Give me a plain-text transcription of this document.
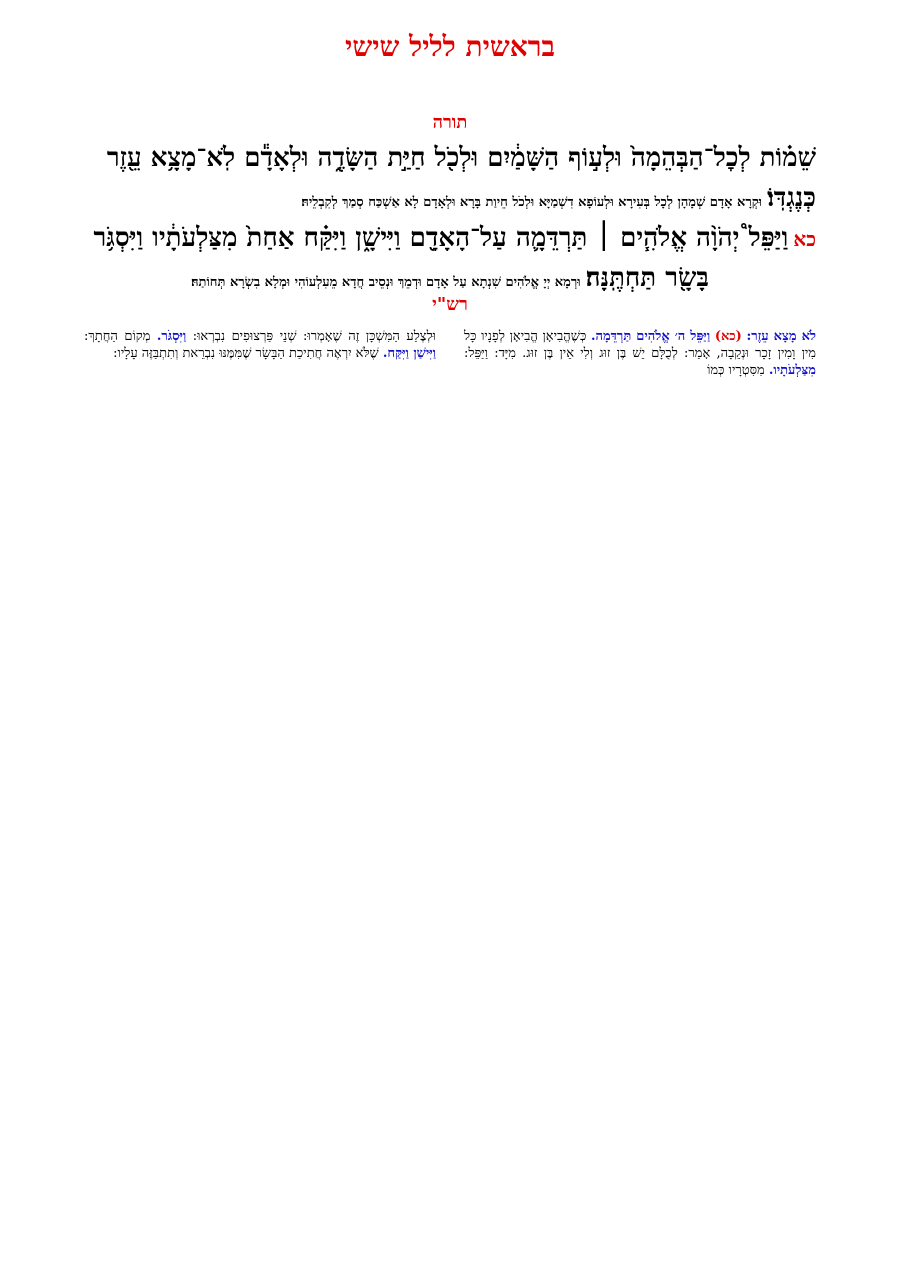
בראשית לליל שישי
תורה
שֵׁמ֗וֹת לְכׇל־הַבְּהֵמָה֙ וּלְע֣וֹף הַשָּׁמַ֔יִם וּלְכֹ֖ל חַיַּ֣ת הַשָּׂדֶ֑ה וּלְאָדָ֕ם לֹֽא־מָצָ֥א עֵ֖זֶר
כְּנֶגְדּֽוֹ׃ וּקְרָא אָדָם שְׁמָהָן לְכָל בְּעִירָא וּלְעוֹפָא דִשְׁמַיָּא וּלְכֹל חֵיוַת בָּרָא וּלְאָדָם לָא אַשְׁכַּח סְמַךְ לְקִבְלֵיהּ׃
כא וַיַּפֵּל֩ יְהֹוָ֨ה אֱלֹהִ֧ים ׀ תַּרְדֵּמָ֛ה עַל־הָאָדָ֖ם וַיִּישָׁ֑ן וַיִּקַּ֗ח אַחַת֙ מִצַּלְעֹתָ֔יו וַיִּסְגֹּ֥ר
בָּשָׂ֖ר תַּחְתֶּֽנָּה׃ וּרְמָא יְיָ אֱלֹהִים שִׁנְתָא עַל אָדָם וּדְמֵךְ וּנְסֵיב חֲדָא מֵעִלְעוֹהִי וּמְלָא בִשְׂרָא תְּחוֹתַהּ׃
רש"י
לֹא מָצָא עֵזֶר: (כא) וַיַּפֵּל ה׳ אֱלֹהִים תַּרְדֵּמָה. כְּשֶׁהֱבִיאָן הֱבִיאָן לְפָנָיו כָּל מִין וָמִין זָכָר וּנְקֵבָה, אָמַר: לְכֻלָּם יֵשׁ בֶּן זוּג וְלִי אֵין בֶּן זוּג. מִיָּד: וַיַּפֵּל: מִצַּלְעֹתָיו. מִסִּטְרָיו כְּמוֹ
וּלְצֶלַע הַמִּשְׁכָּן זֶה שֶׁאָמְרוּ: שְׁנֵי פַּרְצוּפִים נִבְרְאוּ: וַיִּסְגֹּר. מְקוֹם הַחֲתָךְ: וַיִּישַׁן וַיִּקַּח. שֶׁלֹּא יִרְאֶה חֲתִיכַת הַבָּשָׂר שֶׁמִּמֶּנּוּ נִבְרֵאת וְתִתְבַּזֶּה עָלָיו:
